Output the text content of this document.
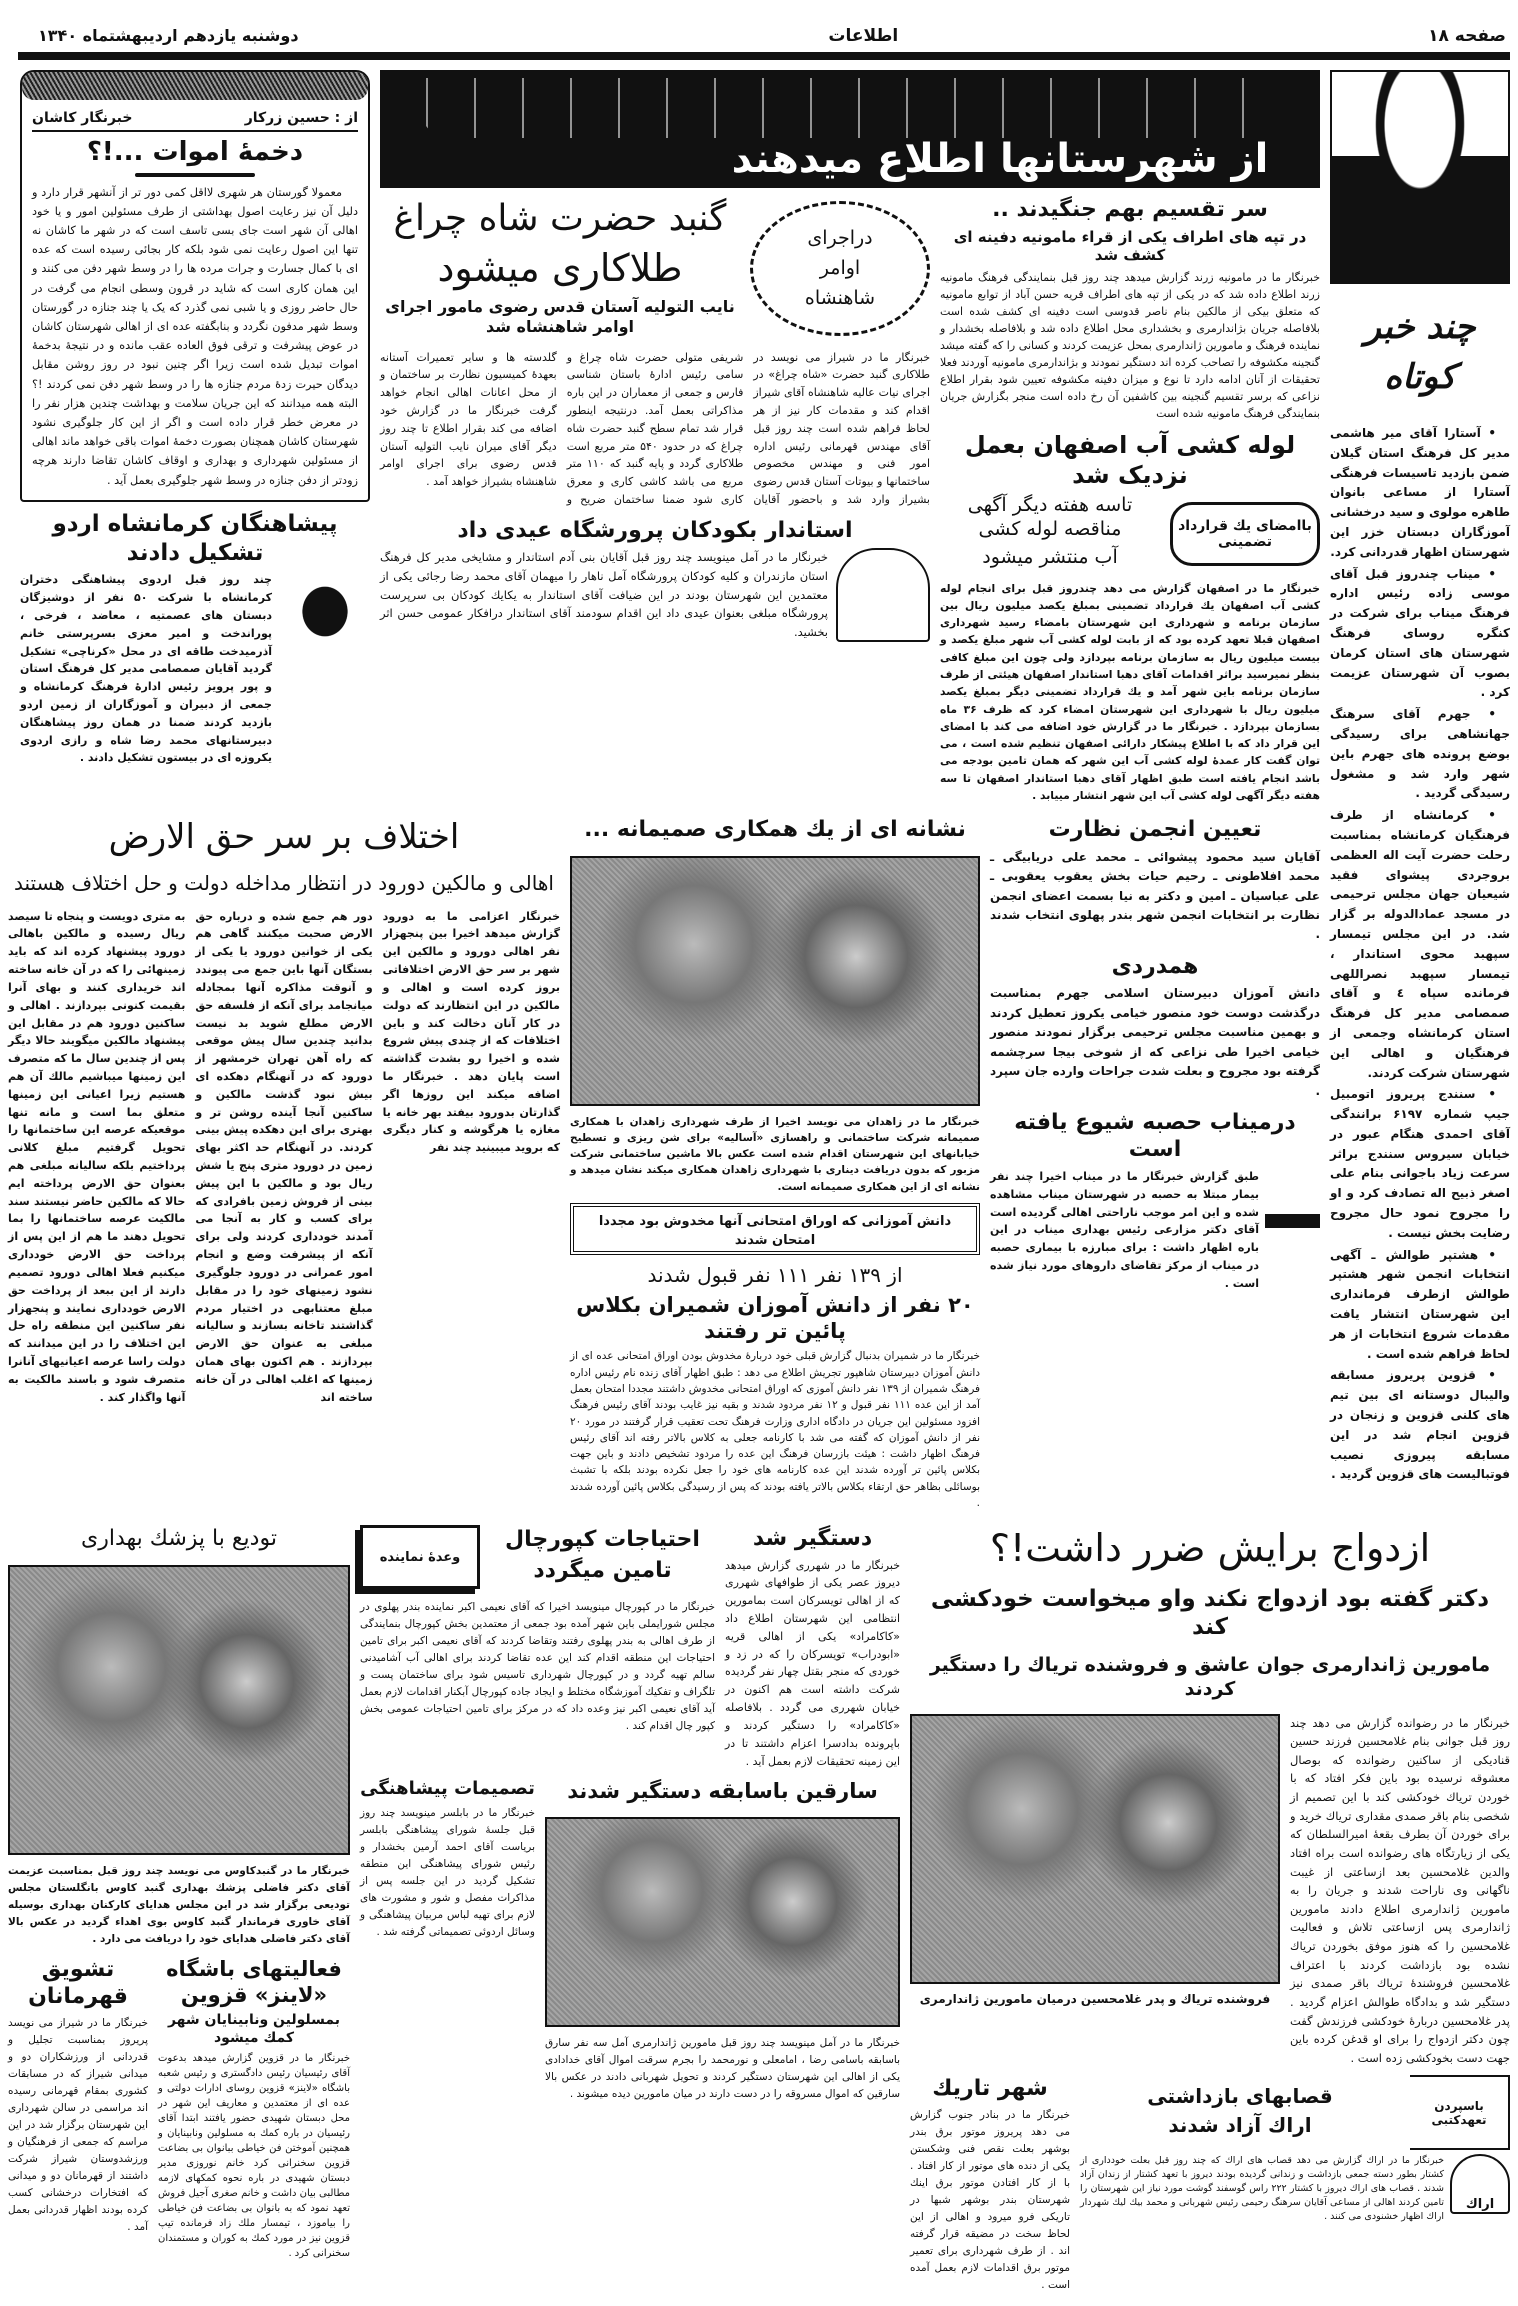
صفحه ۱۸
اطلاعات
دوشنبه یازدهم اردیبهشتماه ۱۳۴۰
چند خبر کوتاه

• آستارا آقای میر هاشمی مدیر کل فرهنگ استان گیلان ضمن بازدید تاسیسات فرهنگی آستارا از مساعی بانوان طاهره مولوی و سید درخشانی آموزگاران دبستان خزر این شهرستان اظهار قدردانی کرد.

• میناب چندروز قبل آقای موسی زاده رئیس اداره فرهنگ میناب برای شرکت در کنگره روسای فرهنگ شهرستان های استان کرمان بصوب آن شهرستان عزیمت کرد .

• جهرم آقای سرهنگ جهانشاهی برای رسیدگی بوضع پرونده های جهرم باین شهر وارد شد و مشغول رسیدگی گردید .

• کرمانشاه از طرف فرهنگیان کرمانشاه بمناسبت رحلت حضرت آیت اله العظمی بروجردی پیشوای فقید شیعیان جهان مجلس ترحیمی در مسجد عمادالدوله بر گزار شد. در این مجلس تیمسار سپهبد محوی استاندار ، تیمسار سپهبد نصراللهی فرمانده سپاه ٤ و آقای صمصامی مدیر کل فرهنگ استان کرمانشاه وجمعی از فرهنگیان و اهالی این شهرستان شرکت کردند.

• سنندج پریروز اتومبیل جیپ شماره ۶۱۹۷ برانندگی آقای احمدی هنگام عبور در خیابان سیروس سنندج براثر سرعت زیاد باجوانی بنام علی اصغر ذبیح اله تصادف کرد و او را مجروح نمود حال مجروح رضایت بخش نیست .

• هشتپر طوالش ـ آگهی انتخابات انجمن شهر هشتپر طوالش ازطرف فرمانداری این شهرستان انتشار یافت مقدمات شروع انتخابات از هر لحاظ فراهم شده است .

• قزوین پریروز مسابقه والیبال دوستانه ای بین تیم های کلنی قزوین و زنجان در قزوین انجام شد در این مسابقه پیروزی نصیب فوتبالیست های قزوین گردید .

از شهرستانها اطلاع میدهند
سر تقسیم بهم جنگیدند ..
در تپه های اطراف یکی از قراء مامونیه دفینه ای کشف شد
خبرنگار ما در مامونیه زرند گزارش میدهد چند روز قبل بنمایندگی فرهنگ مامونیه زرند اطلاع داده شد که در یکی از تپه های اطراف قریه حسن آباد از توابع مامونیه که متعلق بیکی از مالکین بنام ناصر قدوسی است دفینه ای کشف شده است بلافاصله جریان بژاندارمری و بخشداری محل اطلاع داده شد و بلافاصله بخشدار و نماینده فرهنگ و مامورین ژاندارمری بمحل عزیمت کردند و کسانی را که گفته میشد گنجینه مکشوفه را تصاحب کرده اند دستگیر نمودند و بژاندارمری مامونیه آوردند فعلا تحقیقات از آنان ادامه دارد تا نوع و میزان دفینه مکشوفه تعیین شود بقرار اطلاع نزاعی که برسر تقسیم گنجینه بین کاشفین آن رخ داده است منجر بگزارش جریان بنمایندگی فرهنگ مامونیه شده است
لوله کشی آب اصفهان بعمل نزدیک شد
باامضای یك قرارداد تضمینی
تاسه هفته دیگر آگهی مناقصه لوله کشی
آب منتشر میشود
خبرنگار ما در اصفهان گزارش می دهد چندروز قبل برای انجام لوله کشی آب اصفهان یك قرارداد تضمینی بمبلغ یکصد میلیون ریال بین سازمان برنامه و شهرداری این شهرستان بامضاء رسید شهرداری اصفهان قبلا تعهد کرده بود که از بابت لوله کشی آب شهر مبلغ یکصد و بیست میلیون ریال به سازمان برنامه بپردازد ولی چون این مبلغ کافی بنظر نمیرسید براثر اقدامات آقای دهبا استاندار اصفهان هیئتی از طرف سازمان برنامه باین شهر آمد و یك قرارداد تضمینی دیگر بمبلغ یکصد میلیون ریال با شهرداری این شهرستان امضاء کرد که ظرف ۳۶ ماه بسازمان بپردازد . خبرنگار ما در گزارش خود اضافه می کند با امضای این قرار داد که با اطلاع پیشکار دارائی اصفهان تنظیم شده است ، می توان گفت کار عمدهٔ لوله کشی آب این شهر که همان تامین بودجه می باشد انجام یافته است طبق اظهار آقای دهبا استاندار اصفهان تا سه هفته دیگر آگهی لوله کشی آب این شهر انتشار مییابد .
دراجرای اوامر شاهنشاه
گنبد حضرت شاه چراغ
طلاکاری میشود
نایب التولیه آستان قدس رضوی مامور اجرای اوامر شاهنشاه شد
خبرنگار ما در شیراز می نویسد در طلاکاری گنبد حضرت «شاه چراغ» در اجرای نیات عالیه شاهنشاه آقای شیراز اقدام کند و مقدمات کار نیز از هر لحاظ فراهم شده است چند روز قبل آقای مهندس قهرمانی رئیس اداره امور فنی و مهندس مخصوص ساختمانها و بیوتات آستان قدس رضوی بشیراز وارد شد و باحضور آقایان شریفی متولی حضرت شاه چراغ و سامی رئیس ادارهٔ باستان شناسی فارس و جمعی از معماران در این باره مذاکراتی بعمل آمد. درنتیجه اینطور قرار شد تمام سطح گنبد حضرت شاه چراغ که در حدود ۵۴۰ متر مربع است طلاکاری گردد و پایه گنبد که ۱۱۰ متر مربع می باشد کاشی کاری و معرق کاری شود ضمنا ساختمان ضریح و گلدسته ها و سایر تعمیرات آستانه بعهدهٔ کمیسیون نظارت بر ساختمان و از محل اعانات اهالی انجام خواهد گرفت خبرنگار ما در گزارش خود اضافه می کند بقرار اطلاع تا چند روز دیگر آقای میران نایب التولیه آستان قدس رضوی برای اجرای اوامر شاهنشاه بشیراز خواهد آمد .
استاندار بکودکان پرورشگاه عیدی داد
خبرنگار ما در آمل مینویسد چند روز قبل آقایان بنی آدم استاندار و مشایخی مدیر کل فرهنگ استان مازندران و کلیه کودکان پرورشگاه آمل ناهار را میهمان آقای محمد رضا رجائی یکی از معتمدین این شهرستان بودند در این ضیافت آقای استاندار به یکایك کودکان بی سرپرست پرورشگاه مبلغی بعنوان عیدی داد این اقدام سودمند آقای استاندار درافکار عمومی حسن اثر بخشید.
از : حسین زرکار
خبرنگار کاشان
دخمهٔ اموات ...!؟
معمولا گورستان هر شهری لااقل کمی دور تر از آنشهر قرار دارد و دلیل آن نیز رعایت اصول بهداشتی از طرف مسئولین امور و یا خود اهالی آن شهر است جای بسی تاسف است که در شهر ما کاشان نه تنها این اصول رعایت نمی شود بلکه کار بجائی رسیده است که عده ای با کمال جسارت و جرات مرده ها را در وسط شهر دفن می کنند و این همان کاری است که شاید در قرون وسطی انجام می گرفت در حال حاضر روزی و یا شبی نمی گذرد که یک یا چند جنازه در گورستان وسط شهر مدفون نگردد و بنابگفته عده ای از اهالی شهرستان کاشان در عوض پیشرفت و ترقی فوق العاده عقب مانده و در نتیجهٔ بدخمهٔ اموات تبدیل شده است زیرا اگر چنین نبود در روز روشن مقابل دیدگان حیرت زدهٔ مردم جنازه ها را در وسط شهر دفن نمی کردند !؟ البته همه میدانند که این جریان سلامت و بهداشت چندین هزار نفر را در معرض خطر قرار داده است و اگر از این کار جلوگیری نشود شهرستان کاشان همچنان بصورت دخمهٔ اموات باقی خواهد ماند اهالی از مسئولین شهرداری و بهداری و اوقاف کاشان تقاضا دارند هرچه زودتر از دفن جنازه در وسط شهر جلوگیری بعمل آید .
پیشاهنگان کرمانشاه اردو تشکیل دادند
چند روز قبل اردوی پیشاهنگی دختران کرمانشاه با شرکت ۵۰ نفر از دوشیزگان دبستان های عصمتیه ، معاضد ، فرخی ، پوراندخت و امیر معزی بسرپرستی خانم آذرمیدخت طاقه ای در محل «کرناچی» تشکیل گردید آقایان صمصامی مدیر کل فرهنگ استان و پور پرویز رئیس ادارهٔ فرهنگ کرمانشاه و جمعی از دبیران و آموزگاران از زمین اردو بازدید کردند ضمنا در همان روز پیشاهنگان دبیرستانهای محمد رضا شاه و رازی اردوی یکروزه ای در بیستون تشکیل دادند .
تعیین انجمن نظارت
آقایان سید محمود پیشوائی ـ محمد علی دریابیگی ـ محمد افلاطونی ـ رحیم حیات بخش یعقوب یعقوبی ـ علی عباسیان ـ امین و دکتر به نیا بسمت اعضای انجمن نظارت بر انتخابات انجمن شهر بندر پهلوی انتخاب شدند .
همدردی
دانش آموزان دبیرستان اسلامی جهرم بمناسبت درگذشت دوست خود منصور خیامی یکروز تعطیل کردند و بهمین مناسبت مجلس ترحیمی برگزار نمودند منصور خیامی اخیرا طی نزاعی که از شوخی بیجا سرچشمه گرفته بود مجروح و بعلت شدت جراحات وارده جان سپرد .
درمیناب حصبه شیوع یافته است
طبق گزارش خبرنگار ما در میناب اخیرا چند نفر بیمار مبتلا به حصبه در شهرستان میناب مشاهده شده و این امر موجب ناراحتی اهالی گردیده است آقای دکتر مزارعی رئیس بهداری میناب در این باره اظهار داشت : برای مبارزه با بیماری حصبه در میناب از مرکز تقاضای داروهای مورد نیاز شده است .
نشانه ای از یك همکاری صمیمانه ...
خبرنگار ما در زاهدان می نویسد اخیرا از طرف شهرداری زاهدان با همکاری صمیمانه شرکت ساختمانی و راهسازی «آسالیه» برای شن ریزی و تسطیح خیابانهای این شهرستان اقدام شده است عکس بالا ماشین ساختمانی شرکت مزبور که بدون دریافت دیناری با شهرداری زاهدان همکاری میکند نشان میدهد و نشانه ای از این همکاری صمیمانه است.
دانش آموزانی که اوراق امتحانی آنها مخدوش بود مجددا امتحان شدند
از ۱۳۹ نفر ۱۱۱ نفر قبول شدند
۲۰ نفر از دانش آموزان شمیران بکلاس پائین تر رفتند
خبرنگار ما در شمیران بدنبال گزارش قبلی خود دربارهٔ مخدوش بودن اوراق امتحانی عده ای از دانش آموزان دبیرستان شاهپور تجریش اطلاع می دهد : طبق اظهار آقای زنده نام رئیس اداره فرهنگ شمیران از ۱۳۹ نفر دانش آموزی که اوراق امتحانی مخدوش داشتند مجددا امتحان بعمل آمد از این عده ۱۱۱ نفر قبول و ۱۲ نفر مردود شدند و بقیه نیز غایب بودند آقای رئیس فرهنگ افزود مسئولین این جریان در دادگاه اداری وزارت فرهنگ تحت تعقیب قرار گرفتند در مورد ۲۰ نفر از دانش آموزان که گفته می شد با کارنامه جعلی به کلاس بالاتر رفته اند آقای رئیس فرهنگ اظهار داشت : هیئت بازرسان فرهنگ این عده را مردود تشخیص دادند و باین جهت بکلاس پائین تر آورده شدند این عده کارنامه های خود را جعل نکرده بودند بلکه با تشبث بوسائلی بظاهر حق ارتقاء بکلاس بالاتر یافته بودند که پس از رسیدگی بکلاس پائین آورده شدند .
اختلاف بر سر حق الارض
اهالی و مالکین دورود در انتظار مداخله دولت و حل اختلاف هستند
خبرنگار اعزامی ما به دورود گزارش میدهد اخیرا بین پنجهزار نفر اهالی دورود و مالکین این شهر بر سر حق الارض اختلافاتی بروز کرده است و اهالی و مالکین در این انتظارند که دولت در کار آنان دخالت کند و باین اختلافات که از چندی پیش شروع شده و اخیرا رو بشدت گذاشته است پایان دهد . خبرنگار ما اضافه میکند این روزها اگر گذارتان بدورود بیفتد بهر خانه یا مغازه یا هرگوشه و کنار دیگری که بروید میبینید چند نفر
دور هم جمع شده و درباره حق الارض صحبت میکنند گاهی هم یکی از خوانین دورود یا یکی از بستگان آنها باین جمع می پیوندد و آنوقت مذاکره آنها بمجادله میانجامد برای آنکه از فلسفه حق الارض مطلع شوید بد نیست بدانید چندین سال پیش موقعی که راه آهن تهران خرمشهر از دورود که در آنهنگام دهکده ای بیش نبود گذشت مالکین و ساکنین آنجا آینده روشن تر و بهتری برای این دهکده پیش بینی کردند. در آنهنگام حد اکثر بهای زمین در دورود متری پنج یا شش ریال بود و مالکین با این پیش بینی از فروش زمین بافرادی که برای کسب و کار به آنجا می آمدند خودداری کردند ولی برای آنکه از پیشرفت وضع و انجام امور عمرانی در دورود جلوگیری نشود زمینهای خود را در مقابل مبلغ معتنابهی در اختیار مردم گذاشتند تاخانه بسازند و سالیانه مبلغی به عنوان حق الارض بپردازند . هم اکنون بهای همان زمینها که اغلب اهالی در آن خانه ساخته اند
به متری دویست و پنجاه تا سیصد ریال رسیده و مالکین باهالی دورود پیشنهاد کرده اند که باید زمینهائی را که در آن خانه ساخته اند خریداری کنند و بهای آنرا بقیمت کنونی بپردازند . اهالی و ساکنین دورود هم در مقابل این پیشنهاد مالکین میگویند حالا دیگر پس از چندین سال ما که متصرف این زمینها میباشیم مالك آن هم هستیم زیرا اعیانی این زمینها متعلق بما است و مانه تنها موقعیکه عرصه این ساختمانها را تحویل گرفتیم مبلغ کلانی پرداختیم بلکه سالیانه مبلغی هم بعنوان حق الارض پرداخته ایم حالا که مالکین حاضر نیستند سند مالکیت عرصه ساختمانها را بما تحویل دهند ما هم از این پس از پرداخت حق الارض خودداری میکنیم فعلا اهالی دورود تصمیم دارند از این ببعد از پرداخت حق الارض خودداری نمایند و پنجهزار نفر ساکنین این منطقه راه حل این اختلاف را در این میدانند که دولت راسا عرصه اعیانیهای آنانرا متصرف شود و باسند مالکیت به آنها واگذار کند .
ازدواج برایش ضرر داشت!؟
دکتر گفته بود ازدواج نکند واو میخواست خودکشی کند
مامورین ژاندارمری جوان عاشق و فروشنده تریاك را دستگیر کردند
خبرنگار ما در رضوانده گزارش می دهد چند روز قبل جوانی بنام غلامحسین فرزند حسین قنادیکی از ساکنین رضوانده که بوصال معشوقه نرسیده بود باین فکر افتاد که با خوردن تریاك خودکشی کند با این تصمیم از شخصی بنام باقر صمدی مقداری تریاك خرید و برای خوردن آن بطرف بقعهٔ امیرالسلطان که یکی از زیارتگاه های رضوانده است براه افتاد والدین غلامحسین بعد ازساعتی از غیبت ناگهانی وی ناراحت شدند و جریان را به مامورین ژاندارمری اطلاع دادند مامورین ژاندارمری پس ازساعتی تلاش و فعالیت غلامحسین را که هنوز موفق بخوردن تریاك نشده بود بازداشت کردند با اعتراف غلامحسین فروشندهٔ تریاك باقر صمدی نیز دستگیر شد و بدادگاه طوالش اعزام گردید . پدر غلامحسین دربارهٔ خودکشی فرزندش گفت چون دکتر ازدواج را برای او قدغن کرده باین جهت دست بخودکشی زده است .
فروشنده تریاك و پدر غلامحسین درمیان مامورین ژاندارمری
باسپردن تعهدکتبی
قصابهای بازداشتی
اراك آزاد شدند
اراك
خبرنگار ما در اراك گزارش می دهد قصاب های اراك که چند روز قبل بعلت خودداری از کشتار بطور دسته جمعی بازداشت و زندانی گردیده بودند دیروز با تعهد کشتار از زندان آزاد شدند . قصاب های اراك دیروز با کشتار ۲۲۲ راس گوسفند گوشت مورد نیاز این شهرستان را تامین کردند اهالی از مساعی آقایان سرهنگ رحیمی رئیس شهربانی و محمد بیك لیك شهردار اراك اظهار خشنودی می کنند .
شهر تاریك
خبرنگار ما در بنادر جنوب گزارش می دهد پریروز موتور برق بندر بوشهر بعلت نقص فنی وشکستن یکی از دنده های موتور از کار افتاد . با از کار افتادن موتور برق اینك شهرستان بندر بوشهر شبها در تاریکی فرو میرود و اهالی از این لحاظ سخت در مضیقه قرار گرفته اند . از طرف شهرداری برای تعمیر موتور برق اقدامات لازم بعمل آمده است .
دستگیر شد
خبرنگار ما در شهرری گزارش میدهد دیروز عصر یکی از طوافهای شهرری که از اهالی تویسرکان است بمامورین انتظامی این شهرستان اطلاع داد «کاکامراد» یکی از اهالی قریه «ابودراب» تویسرکان را که در زد و خوردی که منجر بقتل چهار نفر گردیده شرکت داشته است هم اکنون در خیابان شهرری می گردد . بلافاصله «کاکامراد» را دستگیر کردند و باپرونده بدادسرا اعزام داشتند تا در این زمینه تحقیقات لازم بعمل آید .
احتیاجات کپورچال
تامین میگردد
وعدهٔ نماینده
خبرنگار ما در کپورچال مینویسد اخیرا که آقای نعیمی اکبر نماینده بندر پهلوی در مجلس شورایملی باین شهر آمده بود جمعی از معتمدین بخش کپورچال بنمایندگی از طرف اهالی به بندر پهلوی رفتند وتقاضا کردند که آقای نعیمی اکبر برای تامین احتیاجات این منطقه اقدام کند این عده تقاضا کردند برای اهالی آب آشامیدنی سالم تهیه گردد و در کپورچال شهرداری تاسیس شود برای ساختمان پست و تلگراف و تفکیك آموزشگاه مختلط و ایجاد جاده کپورچال آبکنار اقدامات لازم بعمل آید آقای نعیمی اکبر نیز وعده داد که در مرکز برای تامین احتیاجات عمومی بخش کپور چال اقدام کند .
سارقین باسابقه دستگیر شدند
خبرنگار ما در آمل مینویسد چند روز قبل مامورین ژاندارمری آمل سه نفر سارق باسابقه باسامی رضا ، امامعلی و نورمحمد را بجرم سرقت اموال آقای خدادادی یکی از اهالی این شهرستان دستگیر کردند و تحویل شهربانی دادند در عکس بالا سارقین که اموال مسروقه را در دست دارند در میان مامورین دیده میشوند .
تصمیمات پیشاهنگی
خبرنگار ما در بابلسر مینویسد چند روز قبل جلسهٔ شورای پیشاهنگی بابلسر بریاست آقای احمد آرمین بخشدار و رئیس شورای پیشاهنگی این منطقه تشکیل گردید در این جلسه پس از مذاکرات مفصل و شور و مشورت های لازم برای تهیه لباس مربیان پیشاهنگی و وسائل اردوئی تصمیماتی گرفته شد .
تودیع با پزشك بهداری
خبرنگار ما در گنبدکاوس می نویسد چند روز قبل بمناسبت عزیمت آقای دکتر فاضلی پزشك بهداری گنبد کاوس بانگلستان مجلس تودیعی برگزار شد در این مجلس هدایای کارکنان بهداری بوسیله آقای خاوری فرماندار گنبد کاوس بوی اهداء گردید در عکس بالا آقای دکتر فاضلی هدایای خود را دریافت می دارد .
فعالیتهای باشگاه «لاینز» قزوین
بمسلولین ونابینایان شهر کمك میشود
خبرنگار ما در قزوین گزارش میدهد بدعوت آقای رئیسیان رئیس دادگستری و رئیس شعبه باشگاه «لاینز» قزوین روسای ادارات دولتی و عده ای از معتمدین و معاریف این شهر در محل دبستان شهیدی حضور یافتند ابتدا آقای رئیسیان در باره کمك به مسلولین ونابینایان و همچنین آموختن فن خیاطی ببانوان بی بضاعت قزوین سخنرانی کرد خانم نوروزی مدیر دبستان شهیدی در باره نحوه کمکهای لازمه مطالبی بیان داشت و خانم صغری آجیل فروش تعهد نمود که به بانوان بی بضاعت فن خیاطی را بیاموزد ، تیمسار ملك زاد فرمانده تیپ قزوین نیز در مورد کمك به کوران و مستمندان سخنرانی کرد .
تشویق قهرمانان
خبرنگار ما در شیراز می نویسد پریروز بمناسبت تجلیل و قدردانی از ورزشکاران دو و میدانی شیراز که در مسابقات کشوری بمقام قهرمانی رسیده اند مراسمی در سالن شهرداری این شهرستان برگزار شد در این مراسم که جمعی از فرهنگیان و ورزشدوستان شیراز شرکت داشتند از قهرمانان دو و میدانی که افتخارات درخشانی کسب کرده بودند اظهار قدردانی بعمل آمد .
